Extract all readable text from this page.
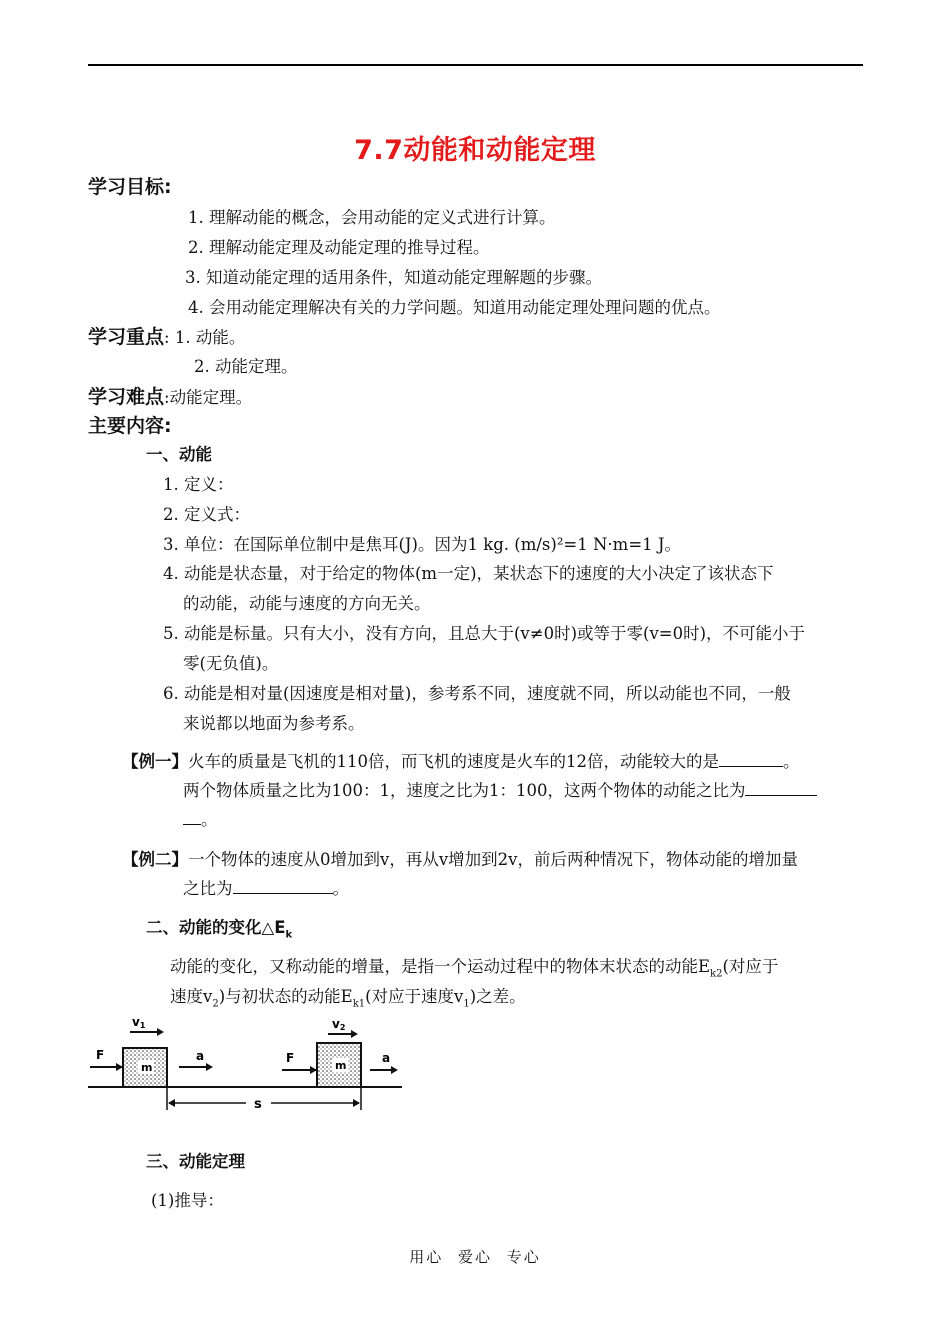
7.7动能和动能定理
学习目标:
1. 理解动能的概念，会用动能的定义式进行计算。
2. 理解动能定理及动能定理的推导过程。
3. 知道动能定理的适用条件，知道动能定理解题的步骤。
4. 会用动能定理解决有关的力学问题。知道用动能定理处理问题的优点。
学习重点: 1. 动能。
2. 动能定理。
学习难点:动能定理。
主要内容:
一、动能
1. 定义：
2. 定义式：
3. 单位：在国际单位制中是焦耳(J)。因为1 kg. (m/s)²=1 N·m=1 J。
4. 动能是状态量，对于给定的物体(m一定)，某状态下的速度的大小决定了该状态下
的动能，动能与速度的方向无关。
5. 动能是标量。只有大小，没有方向，且总大于(v≠0时)或等于零(v=0时)，不可能小于
零(无负值)。
6. 动能是相对量(因速度是相对量)，参考系不同，速度就不同，所以动能也不同，一般
来说都以地面为参考系。
【例一】火车的质量是飞机的110倍，而飞机的速度是火车的12倍，动能较大的是	。
两个物体质量之比为100：1，速度之比为1：100，这两个物体的动能之比为
。
【例二】一个物体的速度从0增加到v，再从v增加到2v，前后两种情况下，物体动能的增加量
之比为	。
二、动能的变化$\triangle E_k$
动能的变化，又称动能的增量，是指一个运动过程中的物体末状态的动能$E_{k2}$(对应于
速度$v_2$)与初状态的动能$E_{k1}$(对应于速度$v_1$)之差。
m
F
v1
a
m
F
v2
a
s
三、动能定理
(1)推导：
用心 爱心 专心
